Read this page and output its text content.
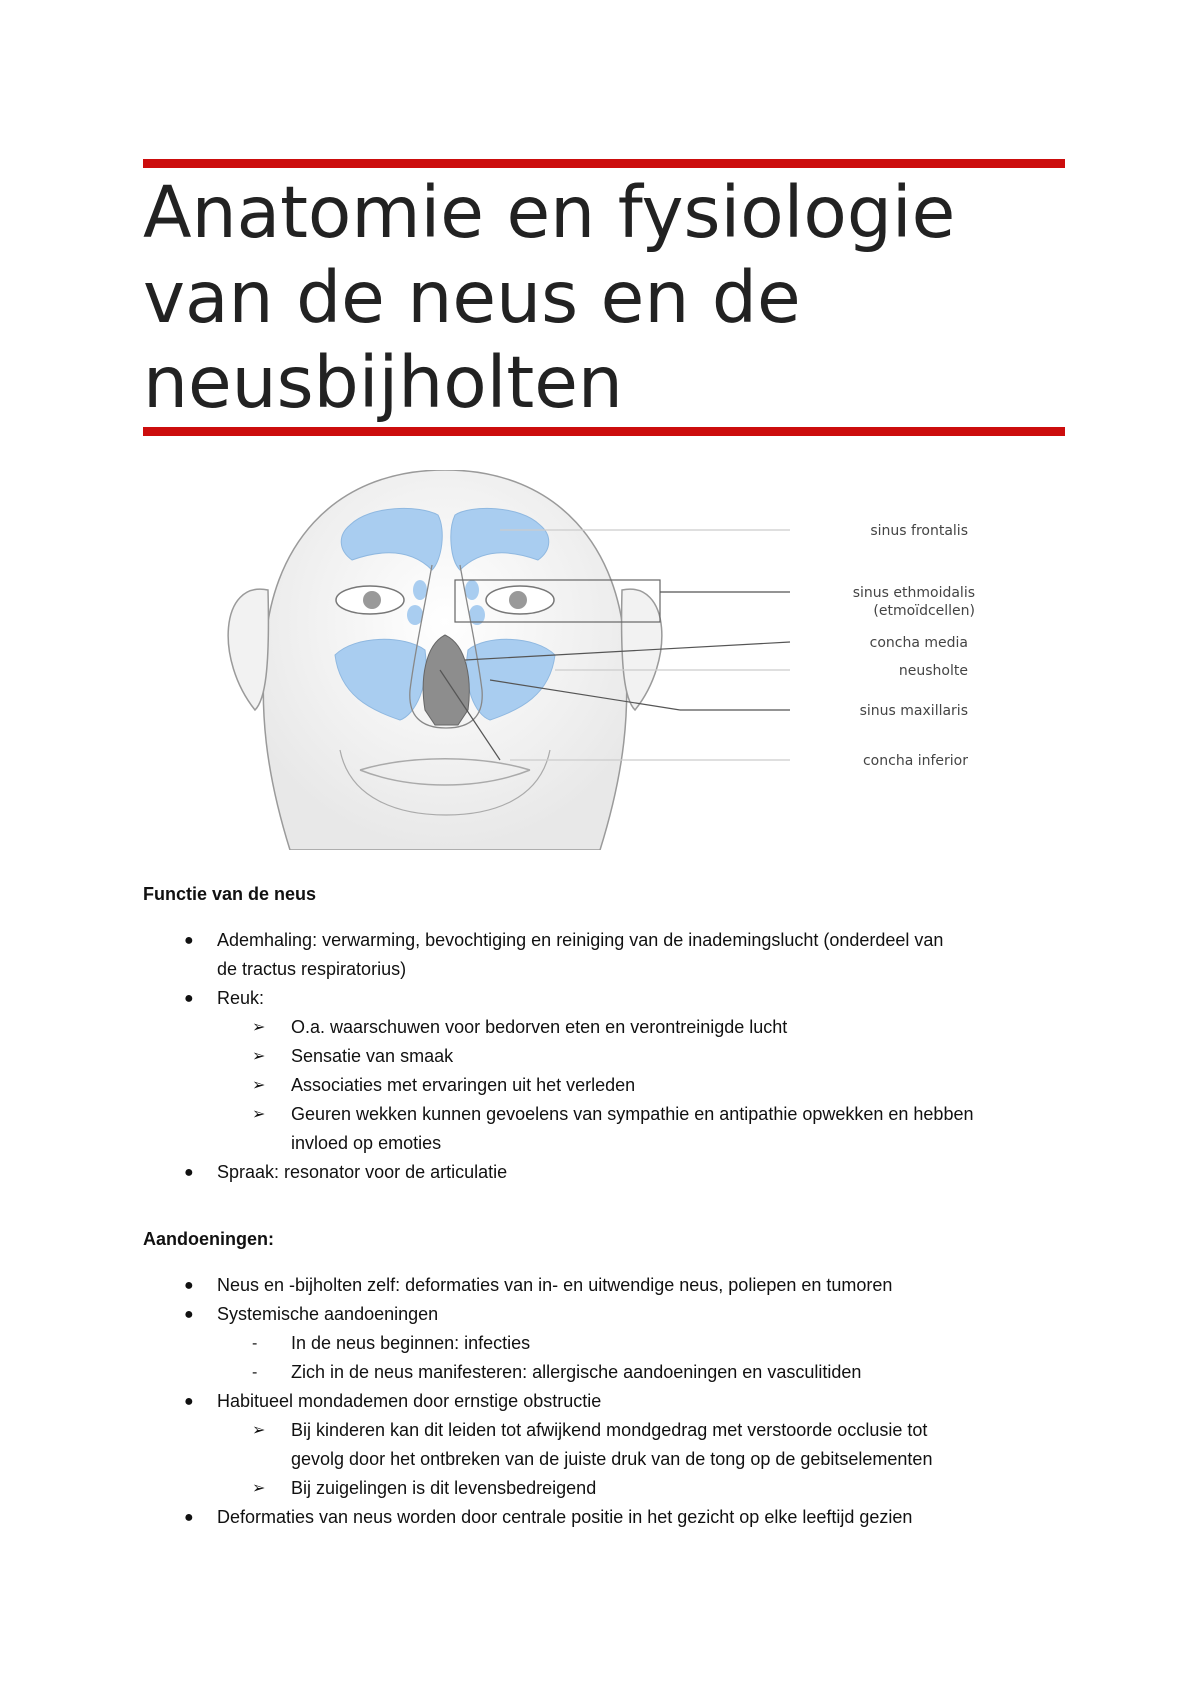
Anatomie en fysiologie
van de neus en de
neusbijholten
sinus frontalis
sinus ethmoidalis
(etmoïdcellen)
concha media
neusholte
sinus maxillaris
concha inferior
Functie van de neus
● Ademhaling: verwarming, bevochtiging en reiniging van de inademingslucht (onderdeel van
de tractus respiratorius)
● Reuk:
➢ O.a. waarschuwen voor bedorven eten en verontreinigde lucht
➢ Sensatie van smaak
➢ Associaties met ervaringen uit het verleden
➢ Geuren wekken kunnen gevoelens van sympathie en antipathie opwekken en hebben
invloed op emoties
● Spraak: resonator voor de articulatie
Aandoeningen:
● Neus en -bijholten zelf: deformaties van in- en uitwendige neus, poliepen en tumoren
● Systemische aandoeningen
- In de neus beginnen: infecties
- Zich in de neus manifesteren: allergische aandoeningen en vasculitiden
● Habitueel mondademen door ernstige obstructie
➢ Bij kinderen kan dit leiden tot afwijkend mondgedrag met verstoorde occlusie tot
gevolg door het ontbreken van de juiste druk van de tong op de gebitselementen
➢ Bij zuigelingen is dit levensbedreigend
● Deformaties van neus worden door centrale positie in het gezicht op elke leeftijd gezien
